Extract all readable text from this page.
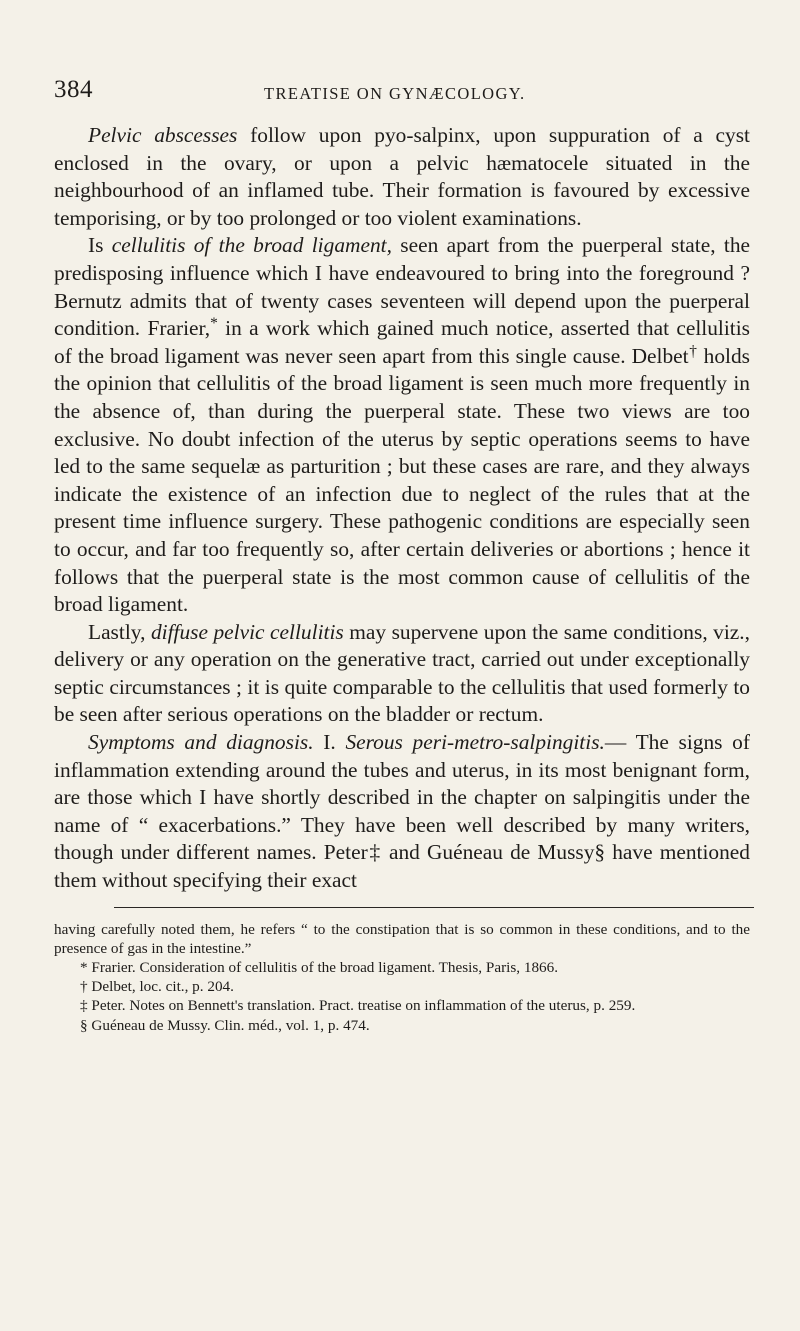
384	TREATISE ON GYNÆCOLOGY.

Pelvic abscesses follow upon pyo-salpinx, upon suppuration of a cyst enclosed in the ovary, or upon a pelvic hæmatocele situated in the neighbourhood of an inflamed tube. Their formation is favoured by excessive temporising, or by too prolonged or too violent examinations.

Is cellulitis of the broad ligament, seen apart from the puerperal state, the predisposing influence which I have endeavoured to bring into the foreground ? Bernutz admits that of twenty cases seventeen will depend upon the puerperal condition. Frarier,* in a work which gained much notice, asserted that cellulitis of the broad ligament was never seen apart from this single cause. Delbet† holds the opinion that cellulitis of the broad ligament is seen much more frequently in the absence of, than during the puerperal state. These two views are too exclusive. No doubt infection of the uterus by septic operations seems to have led to the same sequelæ as parturition ; but these cases are rare, and they always indicate the existence of an infection due to neglect of the rules that at the present time influence surgery. These pathogenic conditions are especially seen to occur, and far too frequently so, after certain deliveries or abortions ; hence it follows that the puerperal state is the most common cause of cellulitis of the broad ligament.

Lastly, diffuse pelvic cellulitis may supervene upon the same conditions, viz., delivery or any operation on the generative tract, carried out under exceptionally septic circumstances ; it is quite comparable to the cellulitis that used formerly to be seen after serious operations on the bladder or rectum.

Symptoms and diagnosis. I. Serous peri-metro-salpingitis.— The signs of inflammation extending around the tubes and uterus, in its most benignant form, are those which I have shortly described in the chapter on salpingitis under the name of “ exacerbations.” They have been well described by many writers, though under different names. Peter‡ and Guéneau de Mussy§ have mentioned them without specifying their exact

having carefully noted them, he refers “ to the constipation that is so common in these conditions, and to the presence of gas in the intestine.”

* Frarier. Consideration of cellulitis of the broad ligament. Thesis, Paris, 1866.

† Delbet, loc. cit., p. 204.

‡ Peter. Notes on Bennett's translation. Pract. treatise on inflammation of the uterus, p. 259.

§ Guéneau de Mussy. Clin. méd., vol. 1, p. 474.
